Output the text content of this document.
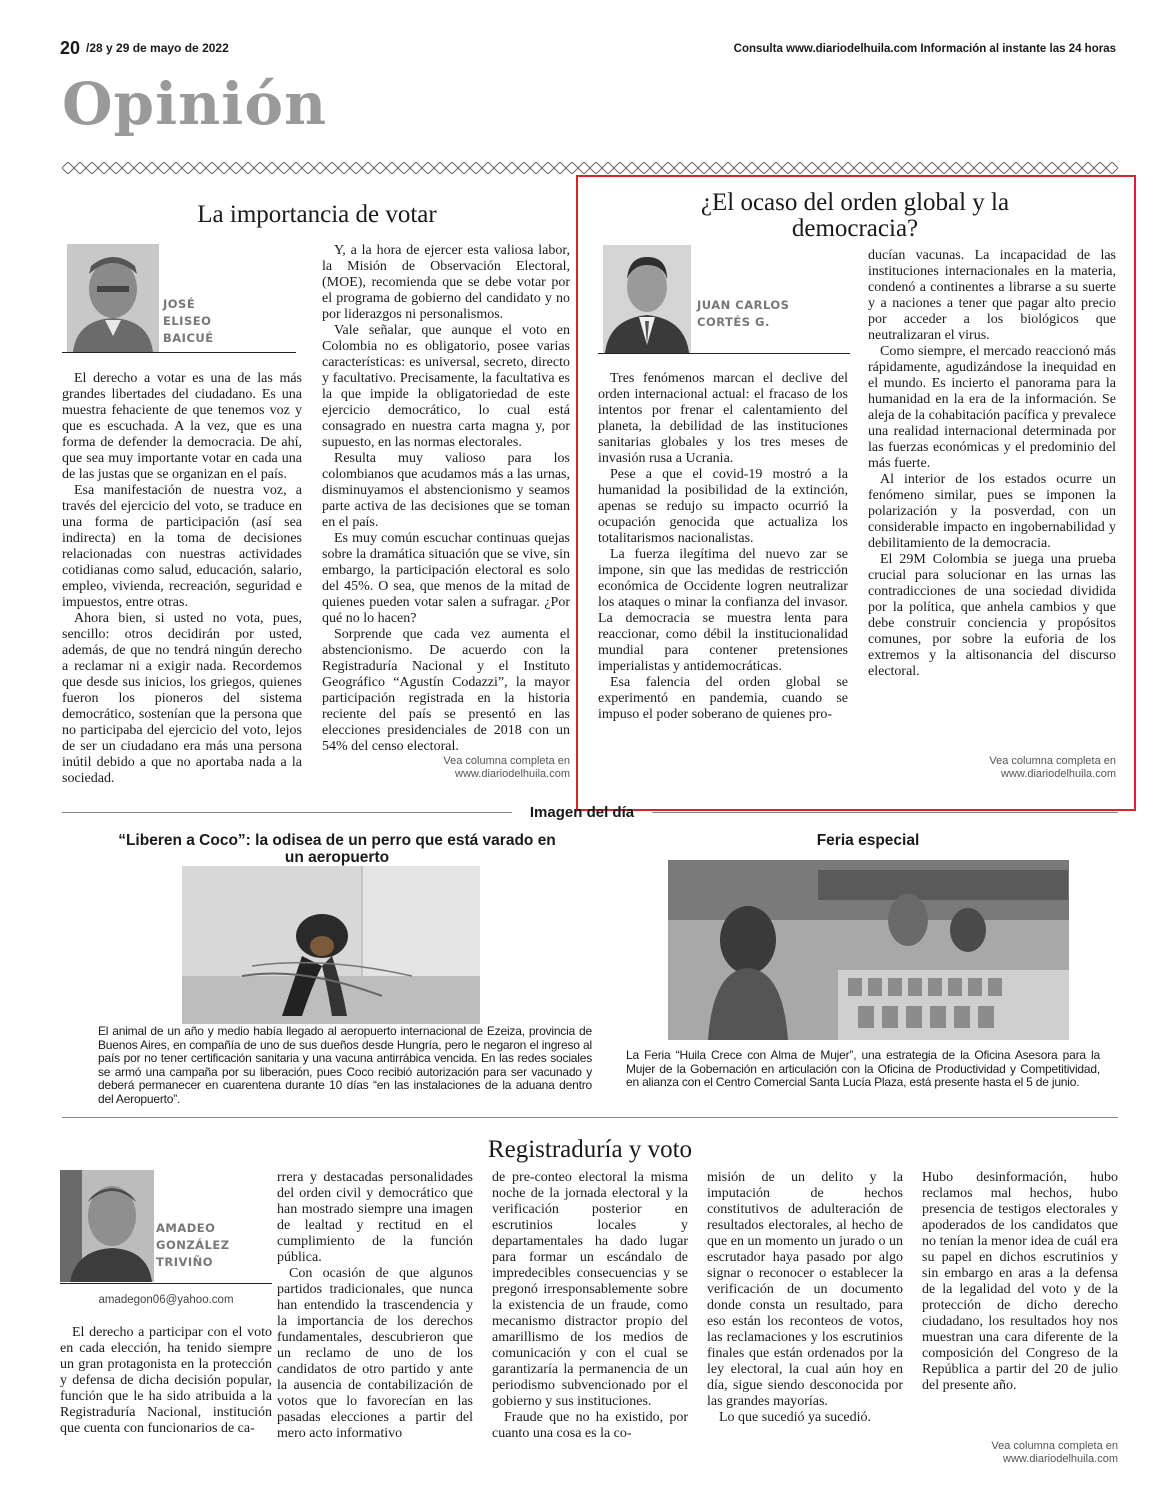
20 /28 y 29 de mayo de 2022	Consulta www.diariodelhuila.com Información al instante las 24 horas
Opinión
La importancia de votar
JOSÉ
ELISEO
BAICUÉ

El derecho a votar es una de las más grandes libertades del ciudadano. Es una muestra fehaciente de que tenemos voz y que es escuchada. A la vez, que es una forma de defender la democracia. De ahí, que sea muy importante votar en cada una de las justas que se organizan en el país.

Esa manifestación de nuestra voz, a través del ejercicio del voto, se traduce en una forma de participación (así sea indirecta) en la toma de decisiones relacionadas con nuestras actividades cotidianas como salud, educación, salario, empleo, vivienda, recreación, seguridad e impuestos, entre otras.

Ahora bien, si usted no vota, pues, sencillo: otros decidirán por usted, además, de que no tendrá ningún derecho a reclamar ni a exigir nada. Recordemos que desde sus inicios, los griegos, quienes fueron los pioneros del sistema democrático, sostenían que la persona que no participaba del ejercicio del voto, lejos de ser un ciudadano era más una persona inútil debido a que no aportaba nada a la sociedad.

Y, a la hora de ejercer esta valiosa labor, la Misión de Observación Electoral, (MOE), recomienda que se debe votar por el programa de gobierno del candidato y no por liderazgos ni personalismos.

Vale señalar, que aunque el voto en Colombia no es obligatorio, posee varias características: es universal, secreto, directo y facultativo. Precisamente, la facultativa es la que impide la obligatoriedad de este ejercicio democrático, lo cual está consagrado en nuestra carta magna y, por supuesto, en las normas electorales.

Resulta muy valioso para los colombianos que acudamos más a las urnas, disminuyamos el abstencionismo y seamos parte activa de las decisiones que se toman en el país.

Es muy común escuchar continuas quejas sobre la dramática situación que se vive, sin embargo, la participación electoral es solo del 45%. O sea, que menos de la mitad de quienes pueden votar salen a sufragar. ¿Por qué no lo hacen?

Sorprende que cada vez aumenta el abstencionismo. De acuerdo con la Registraduría Nacional y el Instituto Geográfico “Agustín Codazzi”, la mayor participación registrada en la historia reciente del país se presentó en las elecciones presidenciales de 2018 con un 54% del censo electoral.

Vea columna completa en
www.diariodelhuila.com
¿El ocaso del orden global y la
democracia?
JUAN CARLOS
CORTÉS G.

Tres fenómenos marcan el declive del orden internacional actual: el fracaso de los intentos por frenar el calentamiento del planeta, la debilidad de las instituciones sanitarias globales y los tres meses de invasión rusa a Ucrania.

Pese a que el covid-19 mostró a la humanidad la posibilidad de la extinción, apenas se redujo su impacto ocurrió la ocupación genocida que actualiza los totalitarismos nacionalistas.

La fuerza ilegítima del nuevo zar se impone, sin que las medidas de restricción económica de Occidente logren neutralizar los ataques o minar la confianza del invasor. La democracia se muestra lenta para reaccionar, como débil la institucionalidad mundial para contener pretensiones imperialistas y antidemocráticas.

Esa falencia del orden global se experimentó en pandemia, cuando se impuso el poder soberano de quienes pro-

ducían vacunas. La incapacidad de las instituciones internacionales en la materia, condenó a continentes a librarse a su suerte y a naciones a tener que pagar alto precio por acceder a los biológicos que neutralizaran el virus.

Como siempre, el mercado reaccionó más rápidamente, agudizándose la inequidad en el mundo. Es incierto el panorama para la humanidad en la era de la información. Se aleja de la cohabitación pacífica y prevalece una realidad internacional determinada por las fuerzas económicas y el predominio del más fuerte.

Al interior de los estados ocurre un fenómeno similar, pues se imponen la polarización y la posverdad, con un considerable impacto en ingobernabilidad y debilitamiento de la democracia.

El 29M Colombia se juega una prueba crucial para solucionar en las urnas las contradicciones de una sociedad dividida por la política, que anhela cambios y que debe construir conciencia y propósitos comunes, por sobre la euforia de los extremos y la altisonancia del discurso electoral.

Vea columna completa en
www.diariodelhuila.com
Imagen del día
“Liberen a Coco”: la odisea de un perro que está varado en
un aeropuerto
El animal de un año y medio había llegado al aeropuerto internacional de Ezeiza, provincia de Buenos Aires, en compañía de uno de sus dueños desde Hungría, pero le negaron el ingreso al país por no tener certificación sanitaria y una vacuna antirrábica vencida. En las redes sociales se armó una campaña por su liberación, pues Coco recibió autorización para ser vacunado y deberá permanecer en cuarentena durante 10 días “en las instalaciones de la aduana dentro del Aeropuerto”.
Feria especial
La Feria “Huila Crece con Alma de Mujer”, una estrategia de la Oficina Asesora para la Mujer de la Gobernación en articulación con la Oficina de Productividad y Competitividad, en alianza con el Centro Comercial Santa Lucía Plaza, está presente hasta el 5 de junio.
Registraduría y voto
AMADEO
GONZÁLEZ
TRIVIÑO
amadegon06@yahoo.com

El derecho a participar con el voto en cada elección, ha tenido siempre un gran protagonista en la protección y defensa de dicha decisión popular, función que le ha sido atribuida a la Registraduría Nacional, institución que cuenta con funcionarios de ca-

rrera y destacadas personalidades del orden civil y democrático que han mostrado siempre una imagen de lealtad y rectitud en el cumplimiento de la función pública.

Con ocasión de que algunos partidos tradicionales, que nunca han entendido la trascendencia y la importancia de los derechos fundamentales, descubrieron que un reclamo de uno de los candidatos de otro partido y ante la ausencia de contabilización de votos que lo favorecían en las pasadas elecciones a partir del mero acto informativo

de pre-conteo electoral la misma noche de la jornada electoral y la verificación posterior en escrutinios locales y departamentales ha dado lugar para formar un escándalo de impredecibles consecuencias y se pregonó irresponsablemente sobre la existencia de un fraude, como mecanismo distractor propio del amarillismo de los medios de comunicación y con el cual se garantizaría la permanencia de un periodismo subvencionado por el gobierno y sus instituciones.

Fraude que no ha existido, por cuanto una cosa es la co-

misión de un delito y la imputación de hechos constitutivos de adulteración de resultados electorales, al hecho de que en un momento un jurado o un escrutador haya pasado por algo signar o reconocer o establecer la verificación de un documento donde consta un resultado, para eso están los reconteos de votos, las reclamaciones y los escrutinios finales que están ordenados por la ley electoral, la cual aún hoy en día, sigue siendo desconocida por las grandes mayorías.

Lo que sucedió ya sucedió.

Hubo desinformación, hubo reclamos mal hechos, hubo presencia de testigos electorales y apoderados de los candidatos que no tenían la menor idea de cuál era su papel en dichos escrutinios y sin embargo en aras a la defensa de la legalidad del voto y de la protección de dicho derecho ciudadano, los resultados hoy nos muestran una cara diferente de la composición del Congreso de la República a partir del 20 de julio del presente año.

Vea columna completa en
www.diariodelhuila.com
